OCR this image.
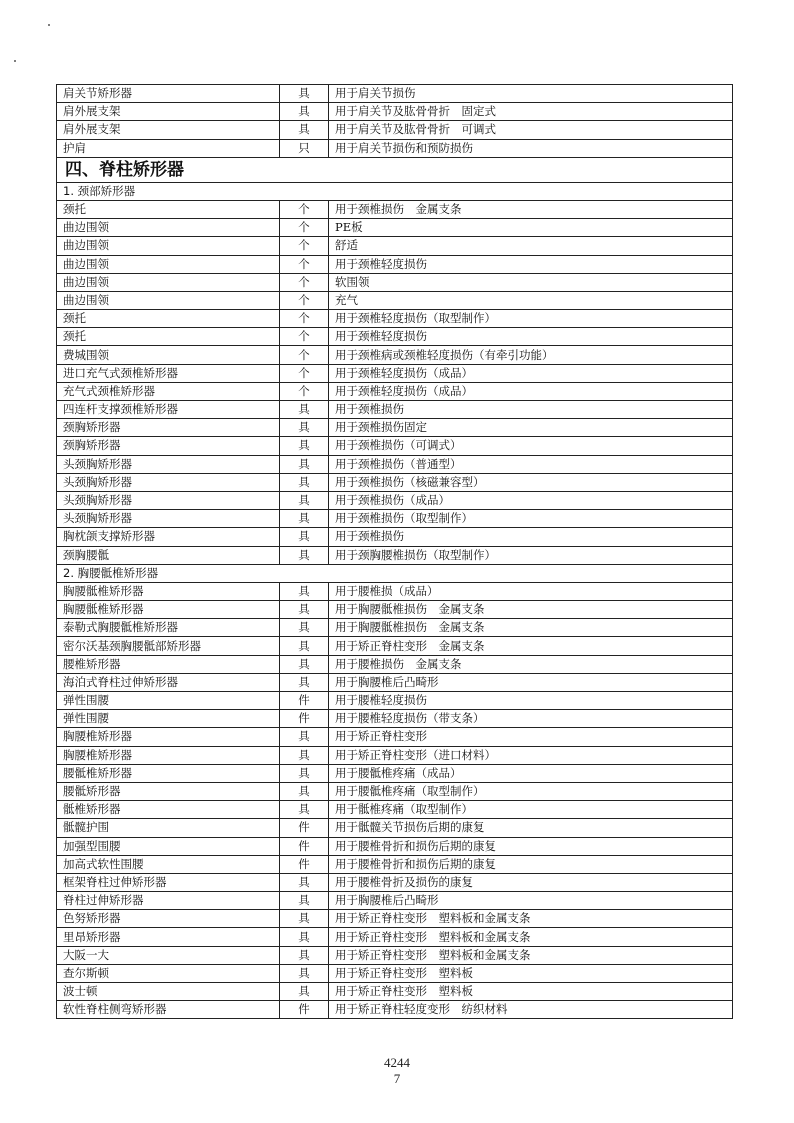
肩关节矫形器	具	用于肩关节损伤
肩外展支架	具	用于肩关节及肱骨骨折　固定式
肩外展支架	具	用于肩关节及肱骨骨折　可调式
护肩	只	用于肩关节损伤和预防损伤
四、脊柱矫形器		
1. 颈部矫形器		
颈托	个	用于颈椎损伤　金属支条
曲边围领	个	PE板
曲边围领	个	舒适
曲边围领	个	用于颈椎轻度损伤
曲边围领	个	软围领
曲边围领	个	充气
颈托	个	用于颈椎轻度损伤（取型制作）
颈托	个	用于颈椎轻度损伤
费城围领	个	用于颈椎病或颈椎轻度损伤（有牵引功能）
进口充气式颈椎矫形器	个	用于颈椎轻度损伤（成品）
充气式颈椎矫形器	个	用于颈椎轻度损伤（成品）
四连杆支撑颈椎矫形器	具	用于颈椎损伤
颈胸矫形器	具	用于颈椎损伤固定
颈胸矫形器	具	用于颈椎损伤（可调式）
头颈胸矫形器	具	用于颈椎损伤（普通型）
头颈胸矫形器	具	用于颈椎损伤（核磁兼容型）
头颈胸矫形器	具	用于颈椎损伤（成品）
头颈胸矫形器	具	用于颈椎损伤（取型制作）
胸枕颌支撑矫形器	具	用于颈椎损伤
颈胸腰骶	具	用于颈胸腰椎损伤（取型制作）
2. 胸腰骶椎矫形器		
胸腰骶椎矫形器	具	用于腰椎损（成品）
胸腰骶椎矫形器	具	用于胸腰骶椎损伤　金属支条
泰勒式胸腰骶椎矫形器	具	用于胸腰骶椎损伤　金属支条
密尔沃基颈胸腰骶部矫形器	具	用于矫正脊柱变形　金属支条
腰椎矫形器	具	用于腰椎损伤　金属支条
海泊式脊柱过伸矫形器	具	用于胸腰椎后凸畸形
弹性围腰	件	用于腰椎轻度损伤
弹性围腰	件	用于腰椎轻度损伤（带支条）
胸腰椎矫形器	具	用于矫正脊柱变形
胸腰椎矫形器	具	用于矫正脊柱变形（进口材料）
腰骶椎矫形器	具	用于腰骶椎疼痛（成品）
腰骶矫形器	具	用于腰骶椎疼痛（取型制作）
骶椎矫形器	具	用于骶椎疼痛（取型制作）
骶髋护围	件	用于骶髋关节损伤后期的康复
加强型围腰	件	用于腰椎骨折和损伤后期的康复
加高式软性围腰	件	用于腰椎骨折和损伤后期的康复
框架脊柱过伸矫形器	具	用于腰椎骨折及损伤的康复
脊柱过伸矫形器	具	用于胸腰椎后凸畸形
色努矫形器	具	用于矫正脊柱变形　塑料板和金属支条
里昂矫形器	具	用于矫正脊柱变形　塑料板和金属支条
大阪一大	具	用于矫正脊柱变形　塑料板和金属支条
查尔斯顿	具	用于矫正脊柱变形　塑料板
波士顿	具	用于矫正脊柱变形　塑料板
软性脊柱侧弯矫形器	件	用于矫正脊柱轻度变形　纺织材料
4244
7
